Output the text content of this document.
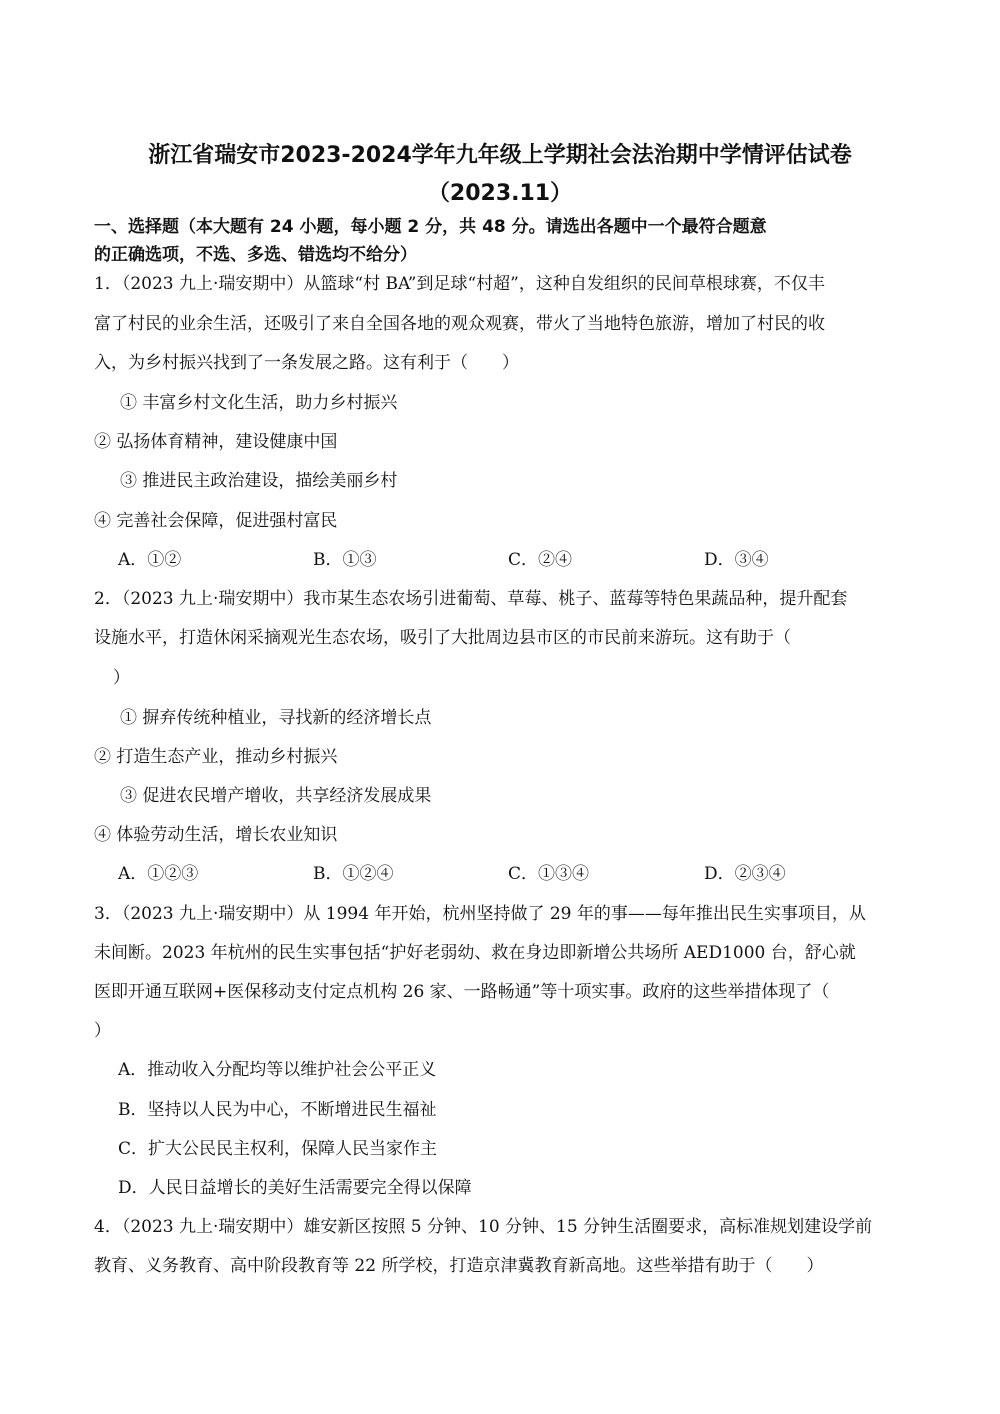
浙江省瑞安市2023-2024学年九年级上学期社会法治期中学情评估试卷
（2023.11）
一、选择题（本大题有 24 小题，每小题 2 分，共 48 分。请选出各题中一个最符合题意
的正确选项，不选、多选、错选均不给分）
1．（2023 九上·瑞安期中）从篮球“村 BA”到足球“村超”，这种自发组织的民间草根球赛，不仅丰
富了村民的业余生活，还吸引了来自全国各地的观众观赛，带火了当地特色旅游，增加了村民的收
入，为乡村振兴找到了一条发展之路。这有利于（　　）
① 丰富乡村文化生活，助力乡村振兴
② 弘扬体育精神，建设健康中国
③ 推进民主政治建设，描绘美丽乡村
④ 完善社会保障，促进强村富民
A．①②	B．①③	C．②④	D．③④
2．（2023 九上·瑞安期中）我市某生态农场引进葡萄、草莓、桃子、蓝莓等特色果蔬品种，提升配套
设施水平，打造休闲采摘观光生态农场，吸引了大批周边县市区的市民前来游玩。这有助于（
）
① 摒弃传统种植业，寻找新的经济增长点
② 打造生态产业，推动乡村振兴
③ 促进农民增产增收，共享经济发展成果
④ 体验劳动生活，增长农业知识
A．①②③	B．①②④	C．①③④	D．②③④
3．（2023 九上·瑞安期中）从 1994 年开始，杭州坚持做了 29 年的事——每年推出民生实事项目，从
未间断。2023 年杭州的民生实事包括“护好老弱幼、救在身边即新增公共场所 AED1000 台，舒心就
医即开通互联网+医保移动支付定点机构 26 家、一路畅通”等十项实事。政府的这些举措体现了（
）
A．推动收入分配均等以维护社会公平正义
B．坚持以人民为中心，不断增进民生福祉
C．扩大公民民主权利，保障人民当家作主
D．人民日益增长的美好生活需要完全得以保障
4．（2023 九上·瑞安期中）雄安新区按照 5 分钟、10 分钟、15 分钟生活圈要求，高标准规划建设学前
教育、义务教育、高中阶段教育等 22 所学校，打造京津冀教育新高地。这些举措有助于（　　）
